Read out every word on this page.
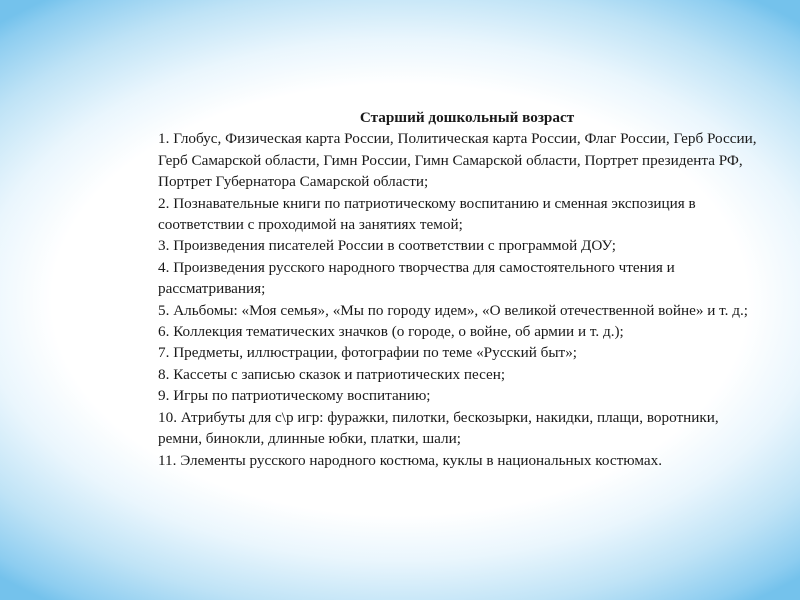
Старший дошкольный возраст

1. Глобус, Физическая карта России, Политическая карта России, Флаг России, Герб России, Герб Самарской области, Гимн России, Гимн Самарской области, Портрет президента РФ, Портрет Губернатора Самарской области;

2. Познавательные книги по патриотическому воспитанию и сменная экспозиция в соответствии с проходимой на занятиях темой;

3. Произведения писателей России в соответствии с программой ДОУ;

4. Произведения русского народного творчества для самостоятельного чтения и рассматривания;

5. Альбомы: «Моя семья», «Мы по городу идем», «О великой отечественной войне» и т. д.;

6. Коллекция тематических значков (о городе, о войне, об армии и т. д.);

7. Предметы, иллюстрации, фотографии по теме «Русский быт»;

8. Кассеты с записью сказок и патриотических песен;

9. Игры по патриотическому воспитанию;

10. Атрибуты для с\р игр: фуражки, пилотки, бескозырки, накидки, плащи, воротники, ремни, бинокли, длинные юбки, платки, шали;

11. Элементы русского народного костюма, куклы в национальных костюмах.
